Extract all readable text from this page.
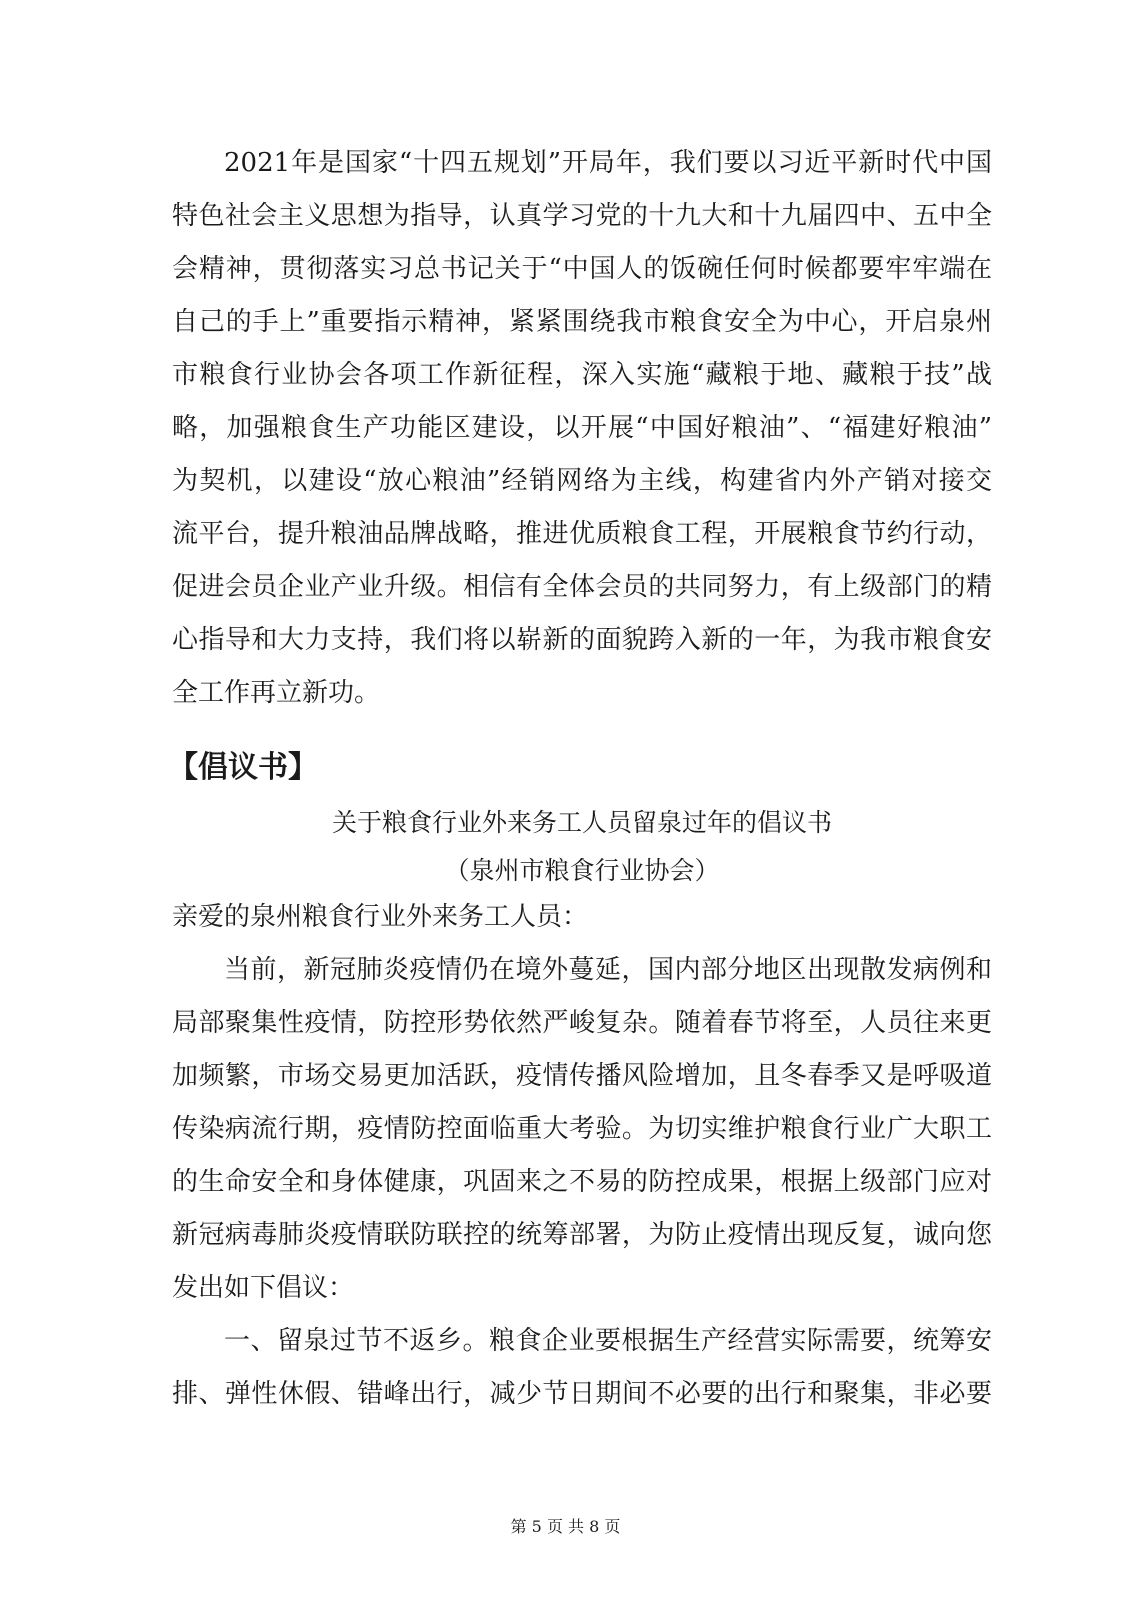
2021年是国家“十四五规划”开局年，我们要以习近平新时代中国
特色社会主义思想为指导，认真学习党的十九大和十九届四中、五中全
会精神，贯彻落实习总书记关于“中国人的饭碗任何时候都要牢牢端在
自己的手上”重要指示精神，紧紧围绕我市粮食安全为中心，开启泉州
市粮食行业协会各项工作新征程，深入实施“藏粮于地、藏粮于技”战
略，加强粮食生产功能区建设，以开展“中国好粮油”、“福建好粮油”
为契机，以建设“放心粮油”经销网络为主线，构建省内外产销对接交
流平台，提升粮油品牌战略，推进优质粮食工程，开展粮食节约行动，
促进会员企业产业升级。相信有全体会员的共同努力，有上级部门的精
心指导和大力支持，我们将以崭新的面貌跨入新的一年，为我市粮食安
全工作再立新功。
【倡议书】
关于粮食行业外来务工人员留泉过年的倡议书
（泉州市粮食行业协会）
亲爱的泉州粮食行业外来务工人员：
当前，新冠肺炎疫情仍在境外蔓延，国内部分地区出现散发病例和
局部聚集性疫情，防控形势依然严峻复杂。随着春节将至，人员往来更
加频繁，市场交易更加活跃，疫情传播风险增加，且冬春季又是呼吸道
传染病流行期，疫情防控面临重大考验。为切实维护粮食行业广大职工
的生命安全和身体健康，巩固来之不易的防控成果，根据上级部门应对
新冠病毒肺炎疫情联防联控的统筹部署，为防止疫情出现反复，诚向您
发出如下倡议：
一、留泉过节不返乡。粮食企业要根据生产经营实际需要，统筹安
排、弹性休假、错峰出行，减少节日期间不必要的出行和聚集，非必要
第 5 页 共 8 页
